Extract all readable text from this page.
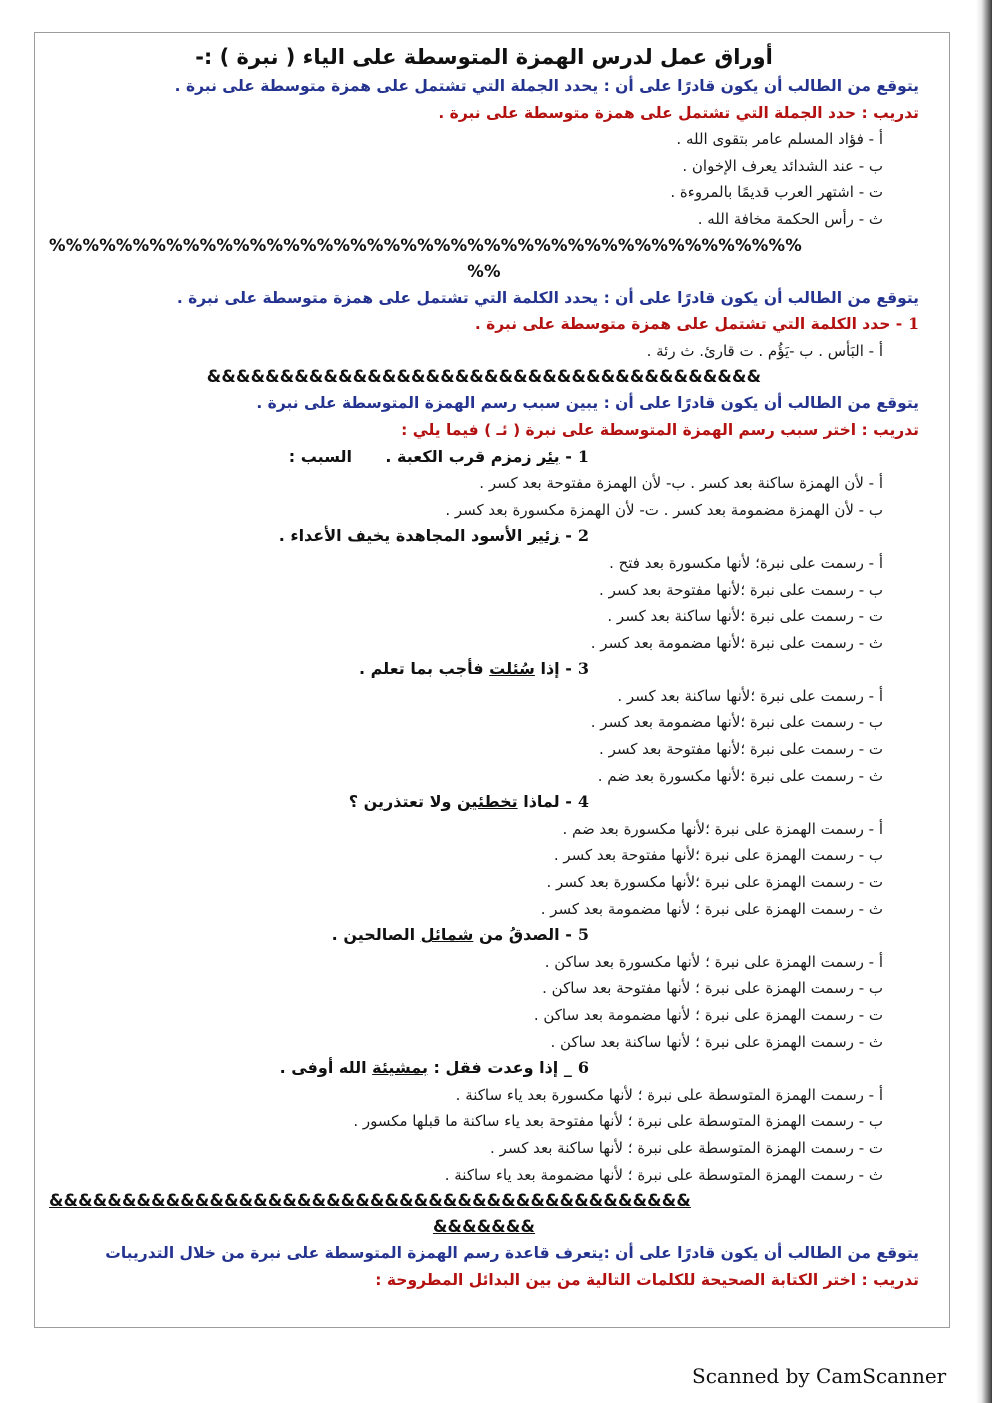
أوراق عمل لدرس الهمزة المتوسطة على الياء ( نبرة ) :-
يتوقع من الطالب أن يكون قادرًا على أن : يحدد الجملة التي تشتمل على همزة متوسطة على نبرة .
تدريب : حدد الجملة التي تشتمل على همزة متوسطة على نبرة .
أ - فؤاد المسلم عامر بتقوى الله .
ب - عند الشدائد يعرف الإخوان .
ت - اشتهر العرب قديمًا بالمروءة .
ث - رأس الحكمة مخافة الله .
%%%%%%%%%%%%%%%%%%%%%%%%%%%%%%%%%%%%%%%%%%%%%
%%
يتوقع من الطالب أن يكون قادرًا على أن : يحدد الكلمة التي تشتمل على همزة متوسطة على نبرة .
1- حدد الكلمة التي تشتمل على همزة متوسطة على نبرة .
أ - البَأس . ب -يَؤُم . ت قارئ. ث رئة .
&&&&&&&&&&&&&&&&&&&&&&&&&&&&&&&&&&&&&&
يتوقع من الطالب أن يكون قادرًا على أن : يبين سبب رسم الهمزة المتوسطة على نبرة .
تدريب : اختر سبب رسم الهمزة المتوسطة على نبرة ( ئـ ) فيما يلي :
1- بئر زمزم قرب الكعبة .      السبب :
أ - لأن الهمزة ساكنة بعد كسر . ب- لأن الهمزة مفتوحة بعد كسر .
ب - لأن الهمزة مضمومة بعد كسر . ت- لأن الهمزة مكسورة بعد كسر .
2- زئير الأسود المجاهدة يخيف الأعداء .
أ - رسمت على نبرة؛ لأنها مكسورة بعد فتح .
ب - رسمت على نبرة ؛لأنها مفتوحة بعد كسر .
ت - رسمت على نبرة ؛لأنها ساكنة بعد كسر .
ث - رسمت على نبرة ؛لأنها مضمومة بعد كسر .
3- إذا سُئلت فأجب بما تعلم .
أ - رسمت على نبرة ؛لأنها ساكنة بعد كسر .
ب - رسمت على نبرة ؛لأنها مضمومة بعد كسر .
ت - رسمت على نبرة ؛لأنها مفتوحة بعد كسر .
ث - رسمت على نبرة ؛لأنها مكسورة بعد ضم .
4- لماذا تخطئين ولا تعتذرين ؟
أ - رسمت الهمزة على نبرة ؛لأنها مكسورة بعد ضم .
ب - رسمت الهمزة على نبرة ؛لأنها مفتوحة بعد كسر .
ت - رسمت الهمزة على نبرة ؛لأنها مكسورة بعد كسر .
ث - رسمت الهمزة على نبرة ؛ لأنها مضمومة بعد كسر .
5- الصدقُ من شمائل الصالحين .
أ - رسمت الهمزة على نبرة ؛ لأنها مكسورة بعد ساكن .
ب - رسمت الهمزة على نبرة ؛ لأنها مفتوحة بعد ساكن .
ت - رسمت الهمزة على نبرة ؛ لأنها مضمومة بعد ساكن .
ث - رسمت الهمزة على نبرة ؛ لأنها ساكنة بعد ساكن .
6_ إذا وعدت فقل : بمشيئة الله أوفى .
أ - رسمت الهمزة المتوسطة على نبرة ؛ لأنها مكسورة بعد ياء ساكنة .
ب - رسمت الهمزة المتوسطة على نبرة ؛ لأنها مفتوحة بعد ياء ساكنة ما قبلها مكسور .
ت - رسمت الهمزة المتوسطة على نبرة ؛ لأنها ساكنة بعد كسر .
ث - رسمت الهمزة المتوسطة على نبرة ؛ لأنها مضمومة بعد ياء ساكنة .
&&&&&&&&&&&&&&&&&&&&&&&&&&&&&&&&&&&&&&&&&&&&
&&&&&&&
يتوقع من الطالب أن يكون قادرًا على أن :يتعرف قاعدة رسم الهمزة المتوسطة على نبرة من خلال التدريبات
تدريب : اختر الكتابة الصحيحة للكلمات التالية من بين البدائل المطروحة :
Scanned by CamScanner
